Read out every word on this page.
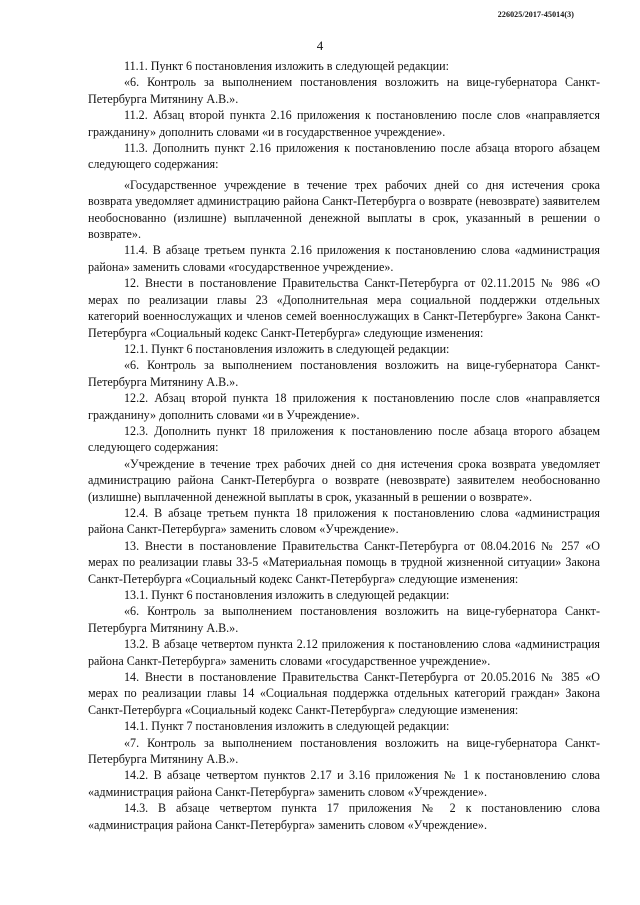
226025/2017-45014(3)
4

11.1. Пункт 6 постановления изложить в следующей редакции:

«6. Контроль за выполнением постановления возложить на вице-губернатора Санкт-Петербурга Митянину А.В.».

11.2. Абзац второй пункта 2.16 приложения к постановлению после слов «направляется гражданину» дополнить словами «и в государственное учреждение».

11.3. Дополнить пункт 2.16 приложения к постановлению после абзаца второго абзацем следующего содержания:

«Государственное учреждение в течение трех рабочих дней со дня истечения срока возврата уведомляет администрацию района Санкт-Петербурга о возврате (невозврате) заявителем необоснованно (излишне) выплаченной денежной выплаты в срок, указанный в решении о возврате».

11.4. В абзаце третьем пункта 2.16 приложения к постановлению слова «администрация района» заменить словами «государственное учреждение».

12. Внести в постановление Правительства Санкт-Петербурга от 02.11.2015 № 986 «О мерах по реализации главы 23 «Дополнительная мера социальной поддержки отдельных категорий военнослужащих и членов семей военнослужащих в Санкт-Петербурге» Закона Санкт-Петербурга «Социальный кодекс Санкт-Петербурга» следующие изменения:

12.1. Пункт 6 постановления изложить в следующей редакции:

«6. Контроль за выполнением постановления возложить на вице-губернатора Санкт-Петербурга Митянину А.В.».

12.2. Абзац второй пункта 18 приложения к постановлению после слов «направляется гражданину» дополнить словами «и в Учреждение».

12.3. Дополнить пункт 18 приложения к постановлению после абзаца второго абзацем следующего содержания:

«Учреждение в течение трех рабочих дней со дня истечения срока возврата уведомляет администрацию района Санкт-Петербурга о возврате (невозврате) заявителем необоснованно (излишне) выплаченной денежной выплаты в срок, указанный в решении о возврате».

12.4. В абзаце третьем пункта 18 приложения к постановлению слова «администрация района Санкт-Петербурга» заменить словом «Учреждение».

13. Внести в постановление Правительства Санкт-Петербурга от 08.04.2016 № 257 «О мерах по реализации главы 33-5 «Материальная помощь в трудной жизненной ситуации» Закона Санкт-Петербурга «Социальный кодекс Санкт-Петербурга» следующие изменения:

13.1. Пункт 6 постановления изложить в следующей редакции:

«6. Контроль за выполнением постановления возложить на вице-губернатора Санкт-Петербурга Митянину А.В.».

13.2. В абзаце четвертом пункта 2.12 приложения к постановлению слова «администрация района Санкт-Петербурга» заменить словами «государственное учреждение».

14. Внести в постановление Правительства Санкт-Петербурга от 20.05.2016 № 385 «О мерах по реализации главы 14 «Социальная поддержка отдельных категорий граждан» Закона Санкт-Петербурга «Социальный кодекс Санкт-Петербурга» следующие изменения:

14.1. Пункт 7 постановления изложить в следующей редакции:

«7. Контроль за выполнением постановления возложить на вице-губернатора Санкт-Петербурга Митянину А.В.».

14.2. В абзаце четвертом пунктов 2.17 и 3.16 приложения № 1 к постановлению слова «администрация района Санкт-Петербурга» заменить словом «Учреждение».

14.3. В абзаце четвертом пункта 17 приложения № 2 к постановлению слова «администрация района Санкт-Петербурга» заменить словом «Учреждение».
